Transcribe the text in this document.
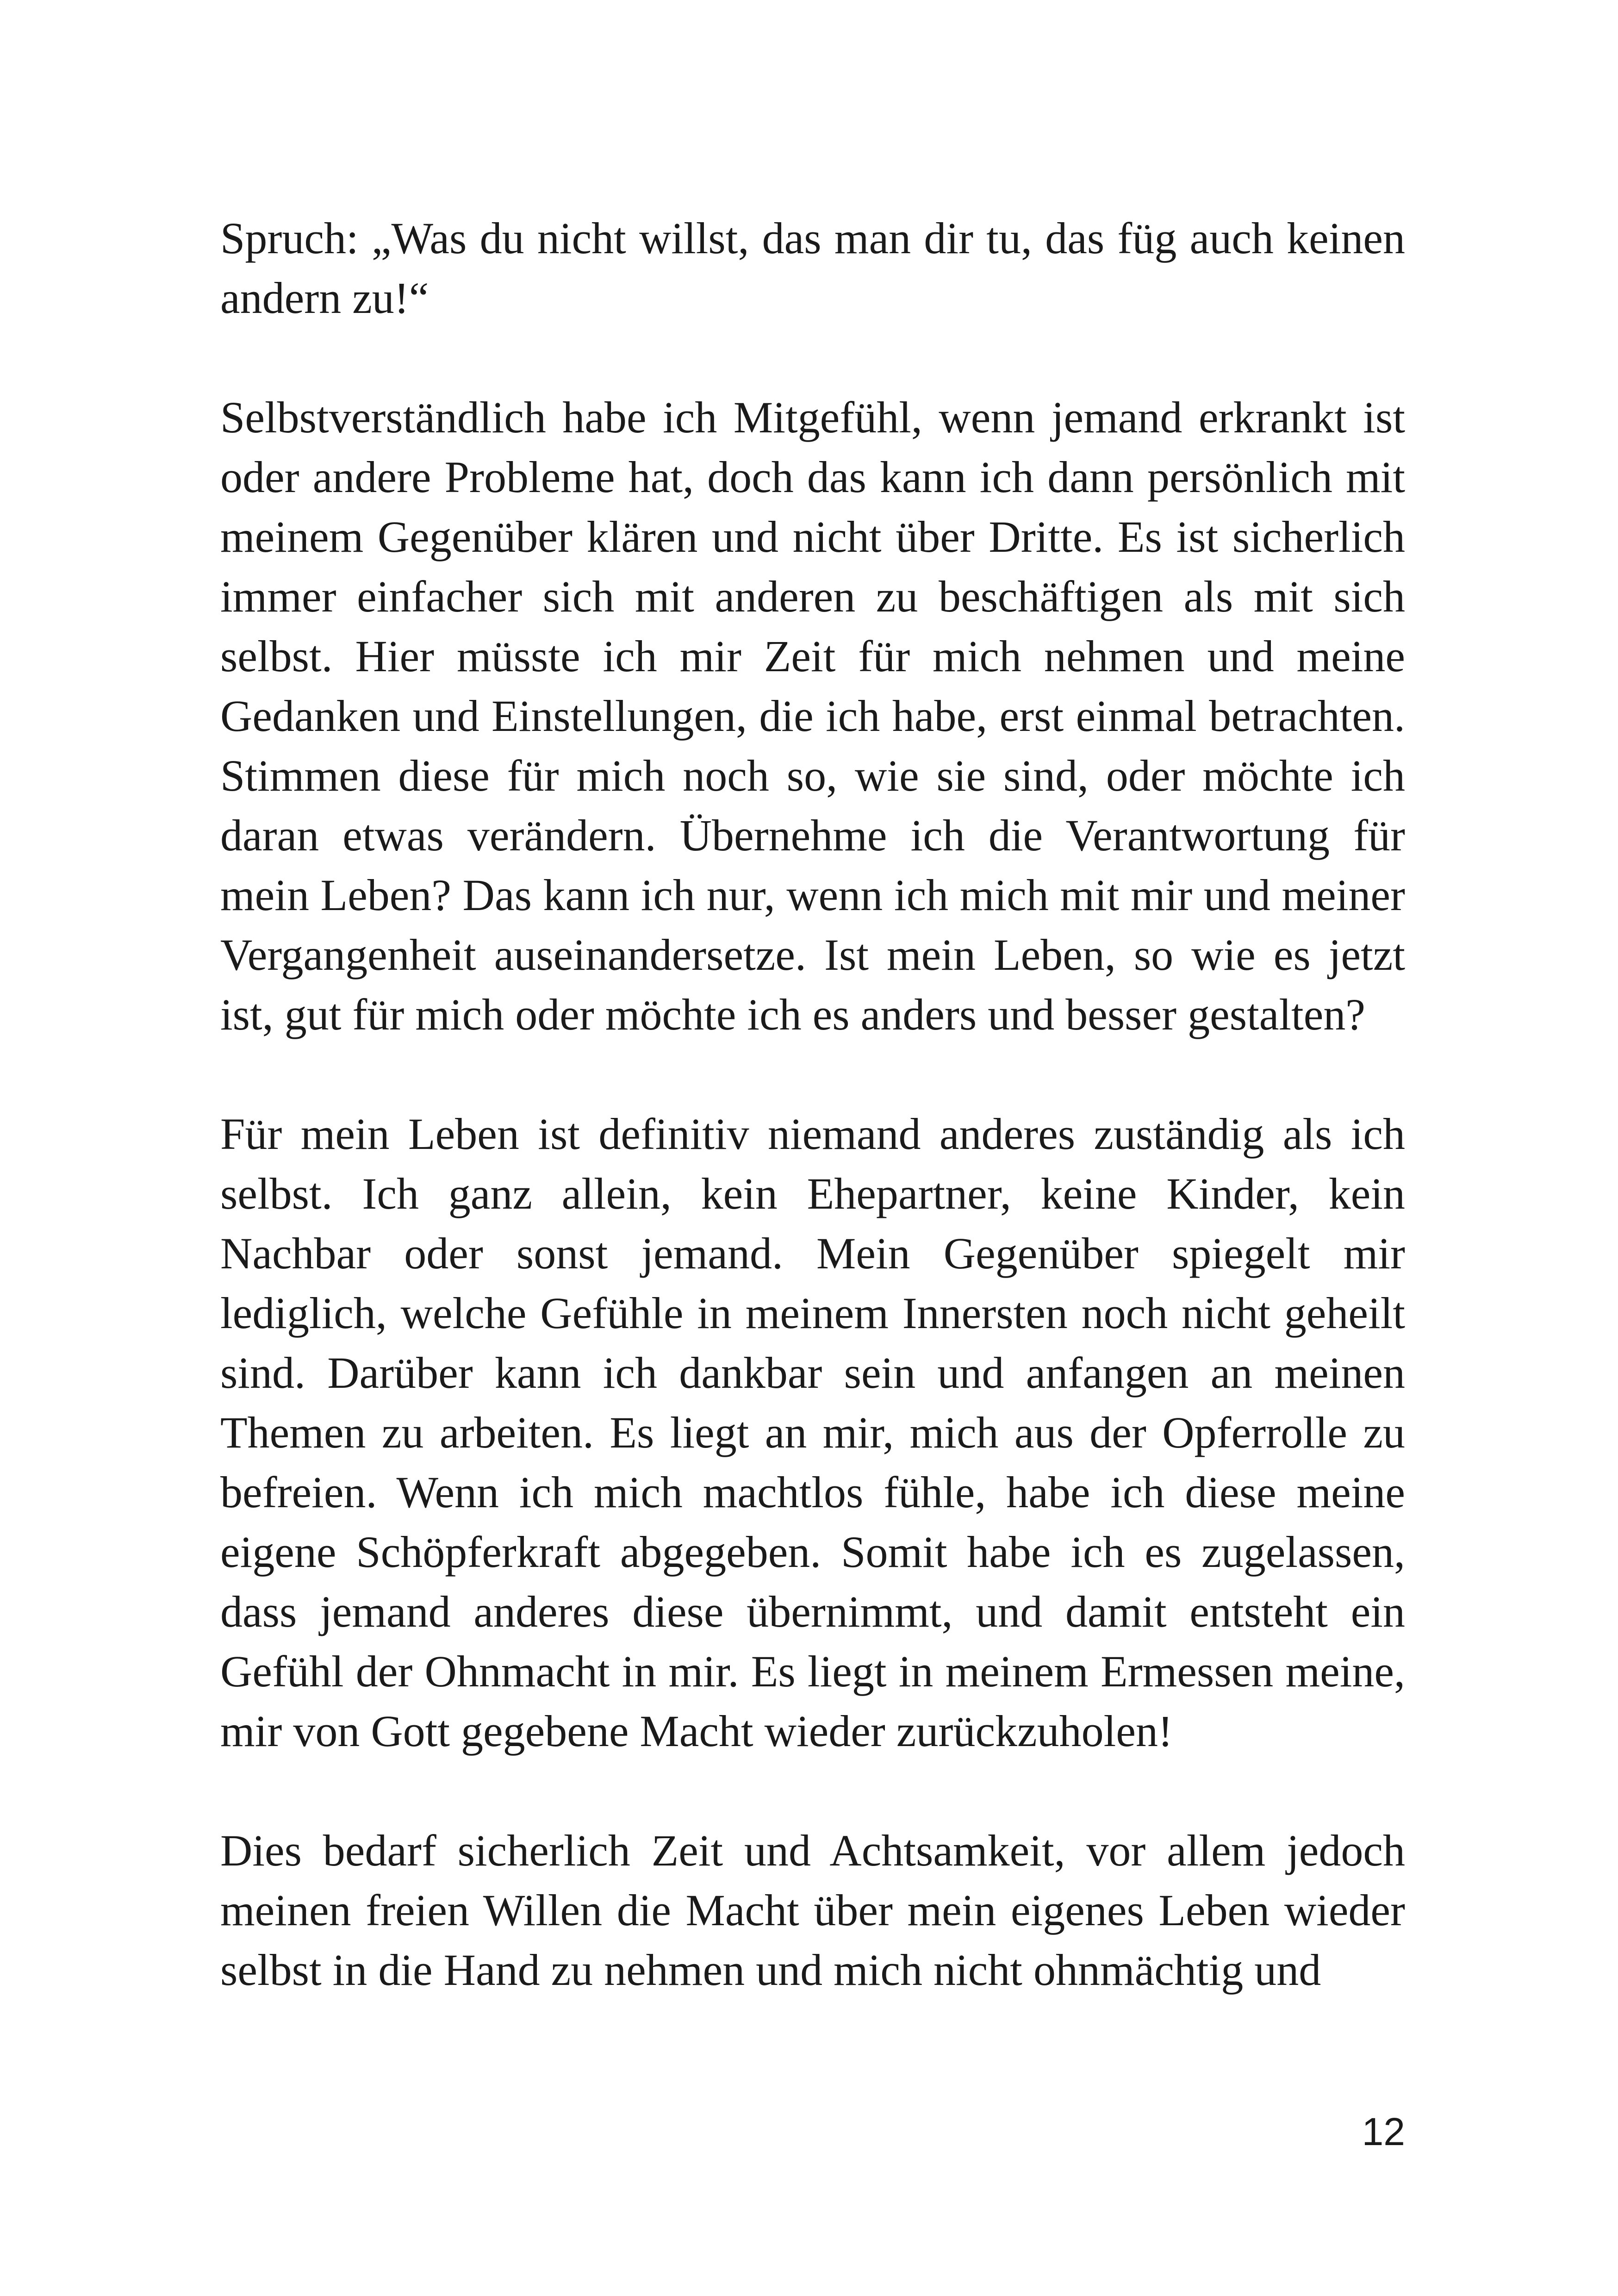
Spruch: „Was du nicht willst, das man dir tu, das füg auch keinen andern zu!“

Selbstverständlich habe ich Mitgefühl, wenn jemand erkrankt ist oder andere Probleme hat, doch das kann ich dann persönlich mit meinem Gegenüber klären und nicht über Dritte. Es ist sicherlich immer einfacher sich mit anderen zu beschäftigen als mit sich selbst. Hier müsste ich mir Zeit für mich nehmen und meine Gedanken und Einstellungen, die ich habe, erst einmal betrachten. Stimmen diese für mich noch so, wie sie sind, oder möchte ich daran etwas verändern. Übernehme ich die Verantwortung für mein Leben? Das kann ich nur, wenn ich mich mit mir und meiner Vergangenheit auseinandersetze. Ist mein Leben, so wie es jetzt ist, gut für mich oder möchte ich es anders und besser gestalten?

Für mein Leben ist definitiv niemand anderes zuständig als ich selbst. Ich ganz allein, kein Ehepartner, keine Kinder, kein Nachbar oder sonst jemand. Mein Gegenüber spiegelt mir lediglich, welche Gefühle in meinem Innersten noch nicht geheilt sind. Darüber kann ich dankbar sein und anfangen an meinen Themen zu arbeiten. Es liegt an mir, mich aus der Opferrolle zu befreien. Wenn ich mich machtlos fühle, habe ich diese meine eigene Schöpferkraft abgegeben. Somit habe ich es zugelassen, dass jemand anderes diese übernimmt, und damit entsteht ein Gefühl der Ohnmacht in mir. Es liegt in meinem Ermessen meine, mir von Gott gegebene Macht wieder zurückzuholen!

Dies bedarf sicherlich Zeit und Achtsamkeit, vor allem jedoch meinen freien Willen die Macht über mein eigenes Leben wieder selbst in die Hand zu nehmen und mich nicht ohnmächtig und

12
